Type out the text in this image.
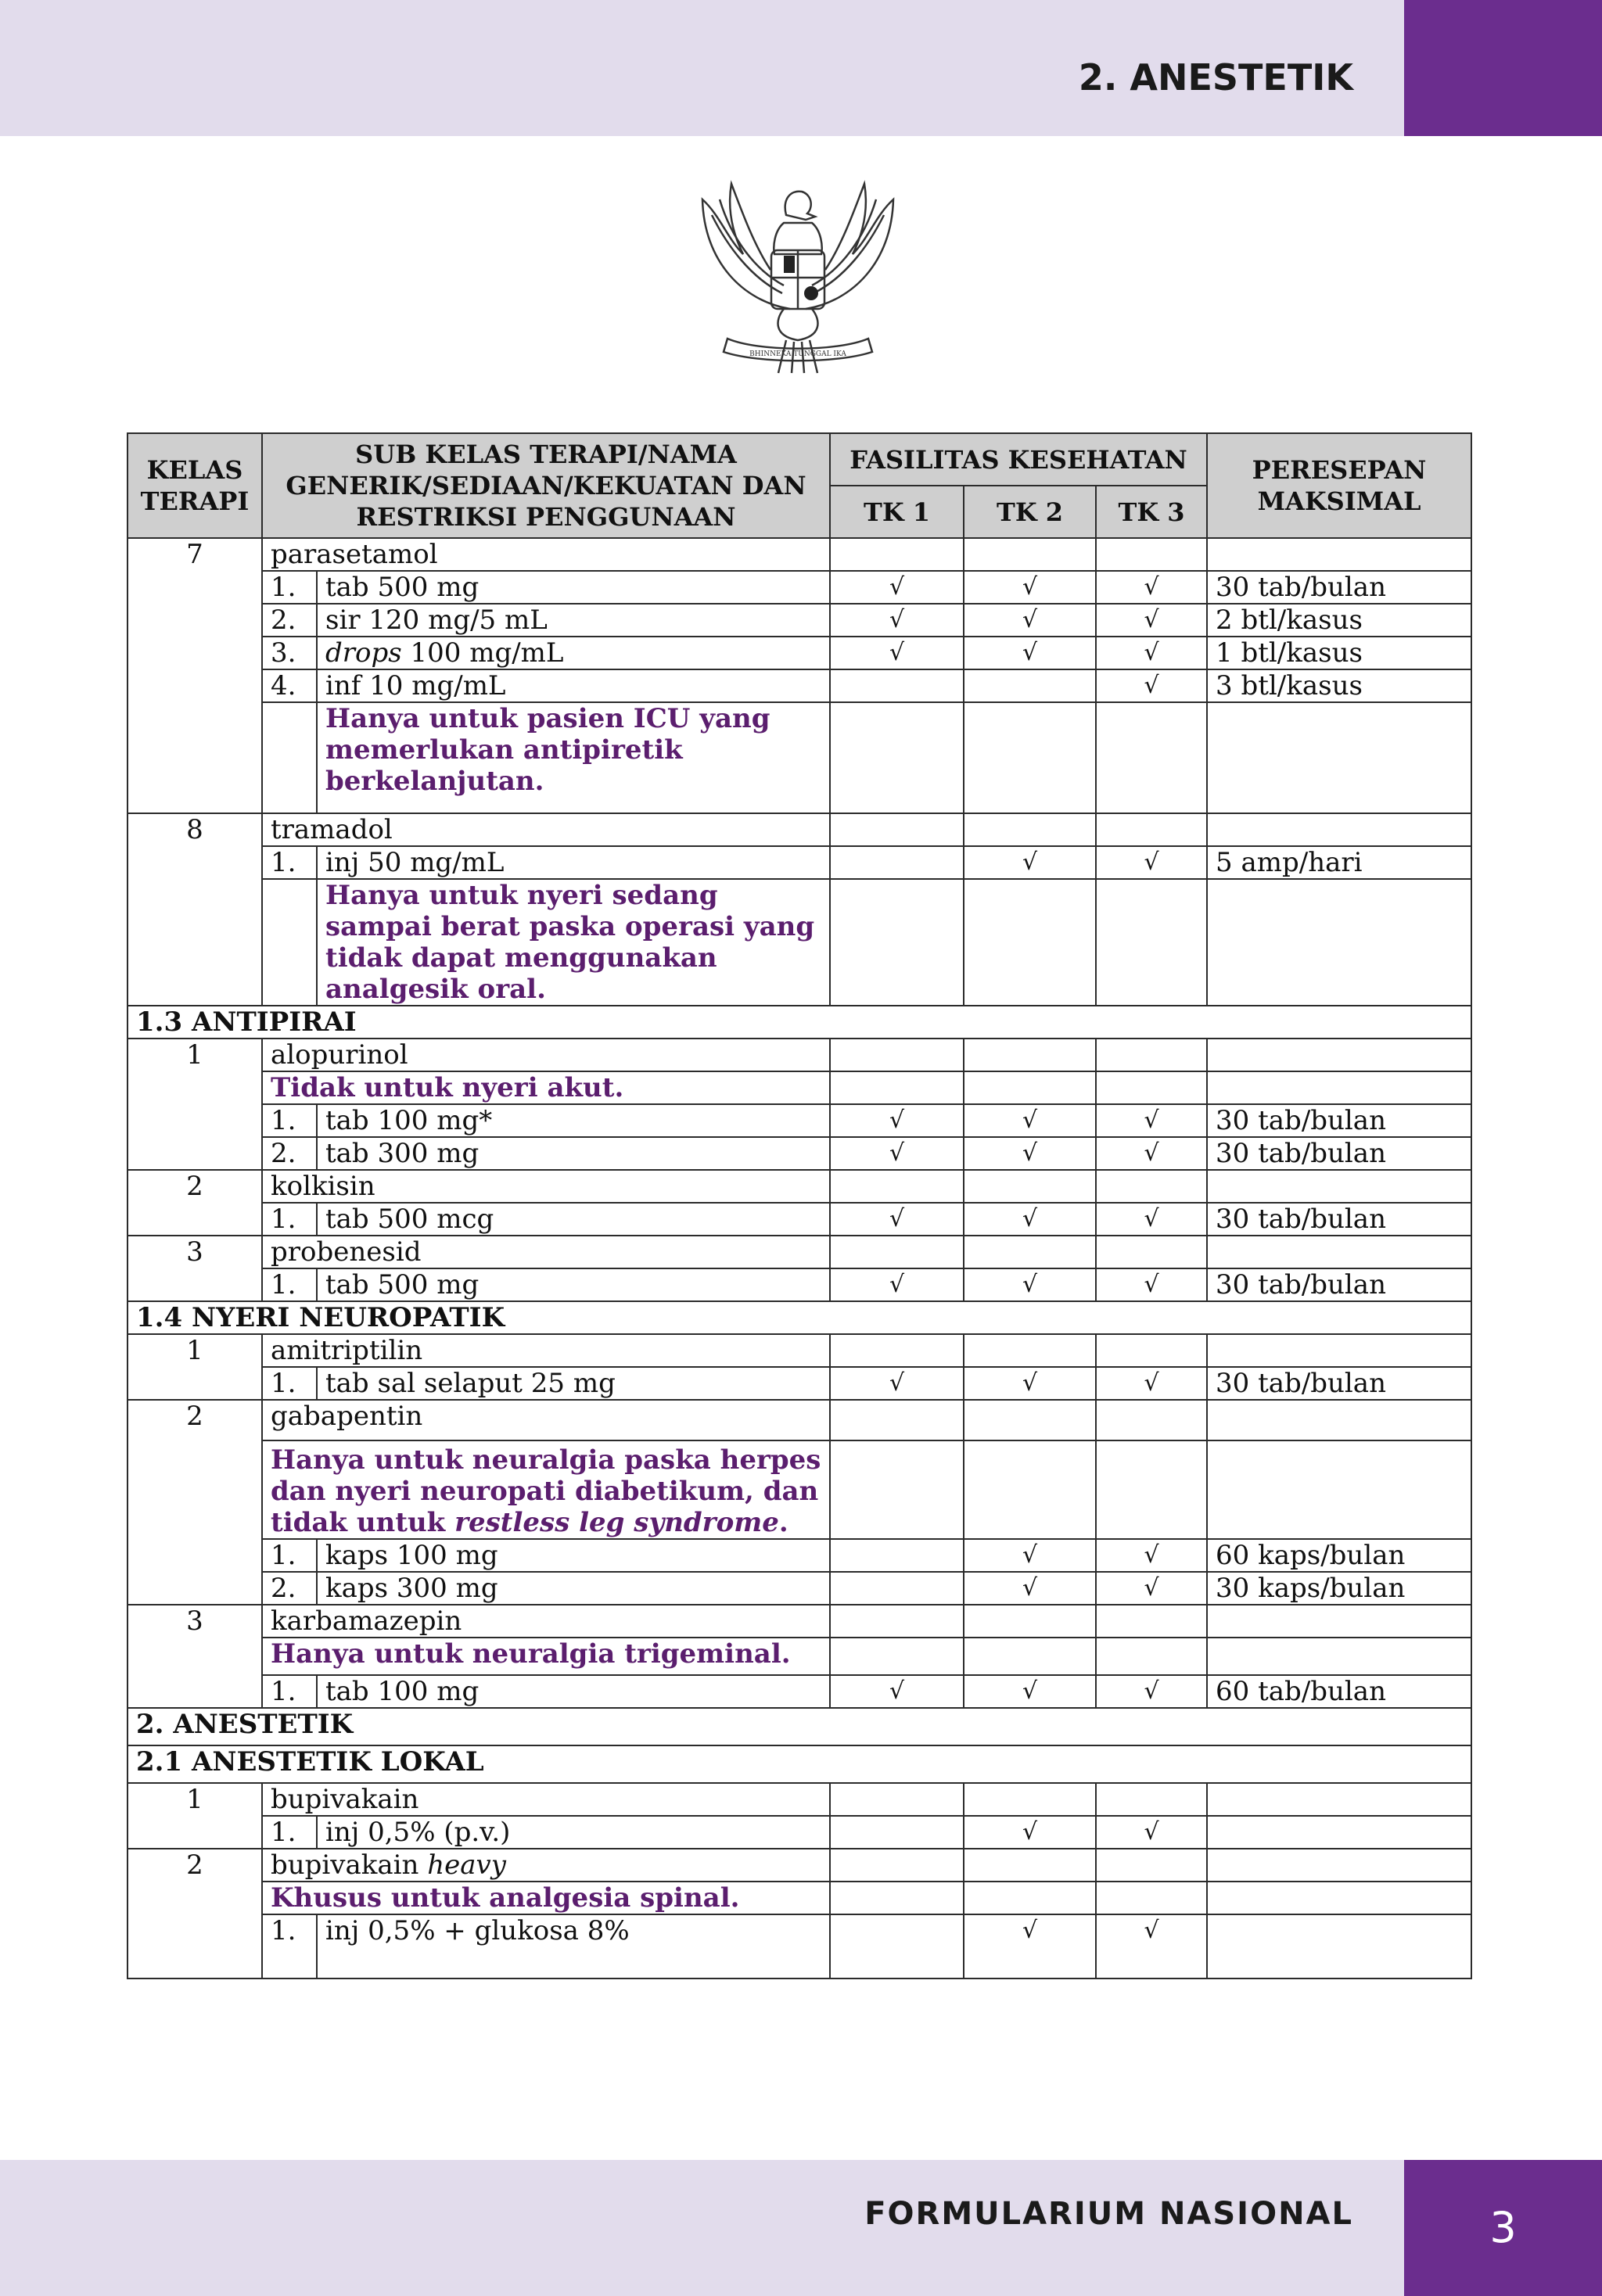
2. ANESTETIK
BHINNEKA TUNGGAL IKA
KELAS TERAPI	SUB KELAS TERAPI/NAMA GENERIK/SEDIAAN/KEKUATAN DAN RESTRIKSI PENGGUNAAN		FASILITAS KESEHATAN			PERESEPAN MAKSIMAL
			TK 1	TK 2	TK 3	
7	parasetamol					
	1.	tab 500 mg	√	√	√	30 tab/bulan
	2.	sir 120 mg/5 mL	√	√	√	2 btl/kasus
	3.	drops 100 mg/mL	√	√	√	1 btl/kasus
	4.	inf 10 mg/mL			√	3 btl/kasus
		Hanya untuk pasien ICU yang memerlukan antipiretik berkelanjutan.				
8	tramadol					
	1.	inj 50 mg/mL		√	√	5 amp/hari
		Hanya untuk nyeri sedang sampai berat paska operasi yang tidak dapat menggunakan analgesik oral.				
1.3 ANTIPIRAI						
1	alopurinol					
	Tidak untuk nyeri akut.					
	1.	tab 100 mg*	√	√	√	30 tab/bulan
	2.	tab 300 mg	√	√	√	30 tab/bulan
2	kolkisin					
	1.	tab 500 mcg	√	√	√	30 tab/bulan
3	probenesid					
	1.	tab 500 mg	√	√	√	30 tab/bulan
1.4 NYERI NEUROPATIK						
1	amitriptilin					
	1.	tab sal selaput 25 mg	√	√	√	30 tab/bulan
2	gabapentin					
	Hanya untuk neuralgia paska herpes dan nyeri neuropati diabetikum, dan tidak untuk restless leg syndrome.					
	1.	kaps 100 mg		√	√	60 kaps/bulan
	2.	kaps 300 mg		√	√	30 kaps/bulan
3	karbamazepin					
	Hanya untuk neuralgia trigeminal.					
	1.	tab 100 mg	√	√	√	60 tab/bulan
2. ANESTETIK						
2.1 ANESTETIK LOKAL						
1	bupivakain					
	1.	inj 0,5% (p.v.)		√	√	
2	bupivakain heavy					
	Khusus untuk analgesia spinal.					
	1.	inj 0,5% + glukosa 8%		√	√	
FORMULARIUM NASIONAL	3
